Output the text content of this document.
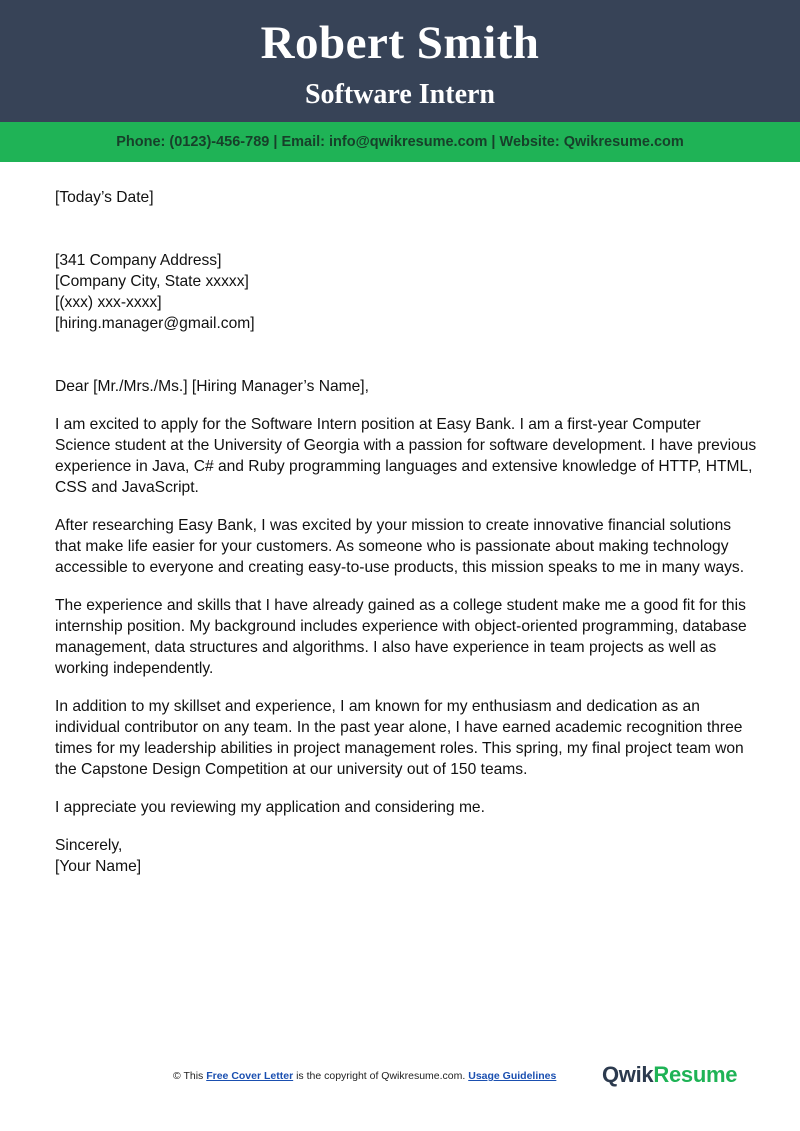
Robert Smith
Software Intern
Phone: (0123)-456-789 | Email: info@qwikresume.com | Website: Qwikresume.com

[Today’s Date]

[341 Company Address]

[Company City, State xxxxx]

[(xxx) xxx-xxxx]

[hiring.manager@gmail.com]

Dear [Mr./Mrs./Ms.] [Hiring Manager’s Name],

I am excited to apply for the Software Intern position at Easy Bank. I am a first-year Computer Science student at the University of Georgia with a passion for software development. I have previous experience in Java, C# and Ruby programming languages and extensive knowledge of HTTP, HTML, CSS and JavaScript.

After researching Easy Bank, I was excited by your mission to create innovative financial solutions that make life easier for your customers. As someone who is passionate about making technology accessible to everyone and creating easy-to-use products, this mission speaks to me in many ways.

The experience and skills that I have already gained as a college student make me a good fit for this internship position. My background includes experience with object-oriented programming, database management, data structures and algorithms. I also have experience in team projects as well as working independently.

In addition to my skillset and experience, I am known for my enthusiasm and dedication as an individual contributor on any team. In the past year alone, I have earned academic recognition three times for my leadership abilities in project management roles. This spring, my final project team won the Capstone Design Competition at our university out of 150 teams.

I appreciate you reviewing my application and considering me.

Sincerely,

[Your Name]

© This Free Cover Letter is the copyright of Qwikresume.com. Usage Guidelines QwikResume
